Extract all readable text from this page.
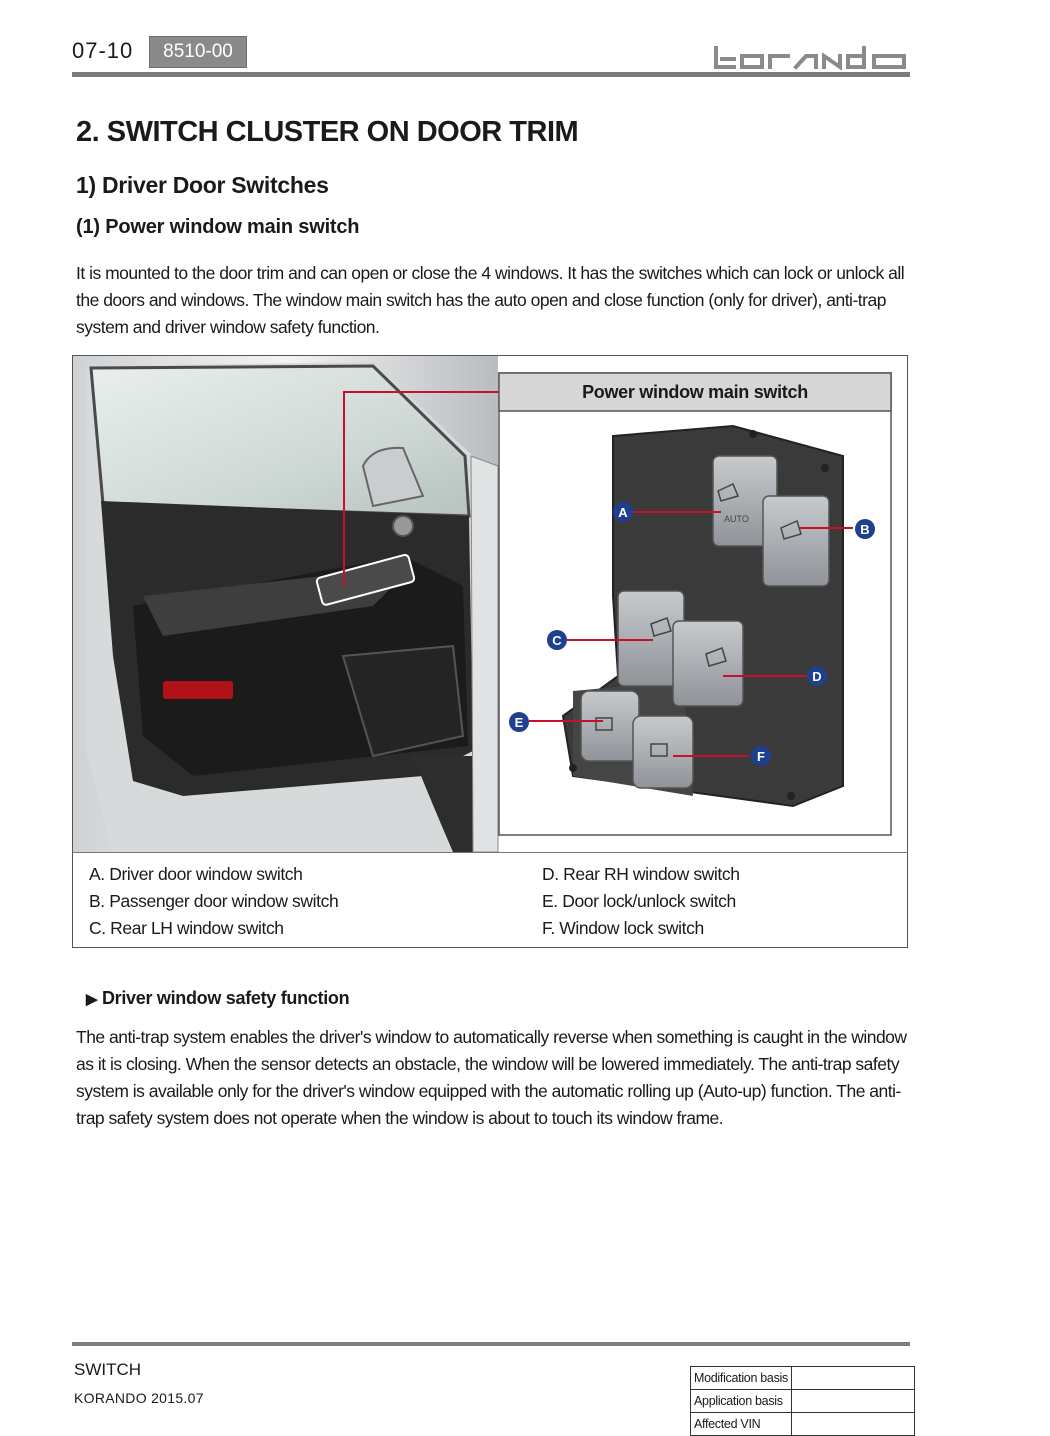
07-10	8510-00
2. SWITCH CLUSTER ON DOOR TRIM
1) Driver Door Switches
(1) Power window main switch
It is mounted to the door trim and can open or close the 4 windows. It has the switches which can lock or unlock all the doors and windows. The window main switch has the auto open and close function (only for driver), anti-trap system and driver window safety function.
AUTO
A
B
C
D
E
F
Power window main switch
A. Driver door window switch
B. Passenger door window switch
C. Rear LH window switch
D. Rear RH window switch
E. Door lock/unlock switch
F. Window lock switch
▶ Driver window safety function
The anti-trap system enables the driver's window to automatically reverse when something is caught in the window as it is closing. When the sensor detects an obstacle, the window will be lowered immediately. The anti-trap safety system is available only for the driver's window equipped with the automatic rolling up (Auto-up) function. The anti-trap safety system does not operate when the window is about to touch its window frame.
SWITCH
KORANDO 2015.07
Modification basis	
Application basis	
Affected VIN	
